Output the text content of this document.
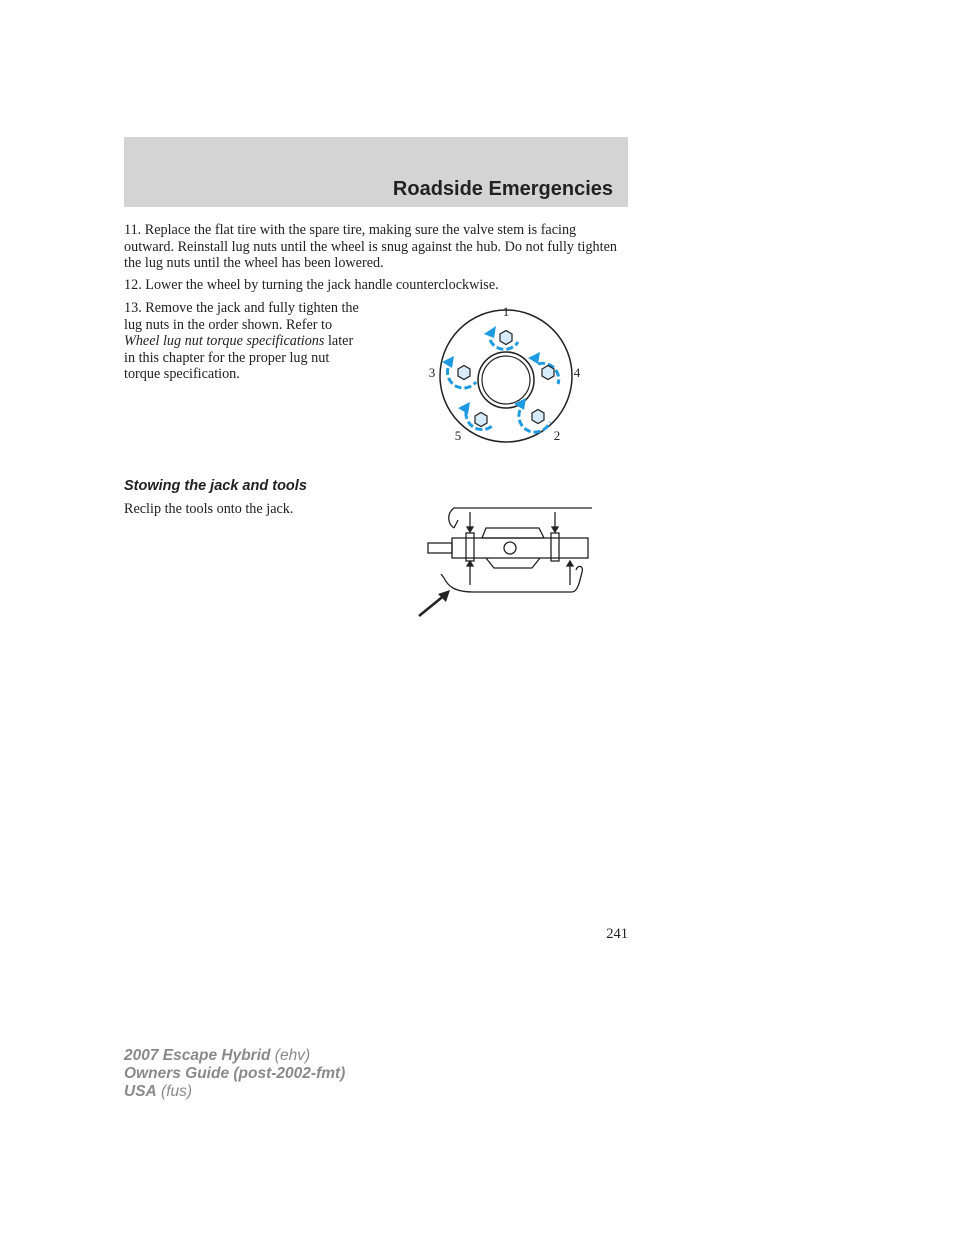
Roadside Emergencies

11. Replace the flat tire with the spare tire, making sure the valve stem is facing outward. Reinstall lug nuts until the wheel is snug against the hub. Do not fully tighten the lug nuts until the wheel has been lowered.

12. Lower the wheel by turning the jack handle counterclockwise.

13. Remove the jack and fully tighten the lug nuts in the order shown. Refer to Wheel lug nut torque specifications later in this chapter for the proper lug nut torque specification.

1
4
3
5	2
Stowing the jack and tools

Reclip the tools onto the jack.

241
2007 Escape Hybrid (ehv)
Owners Guide (post-2002-fmt)
USA (fus)
